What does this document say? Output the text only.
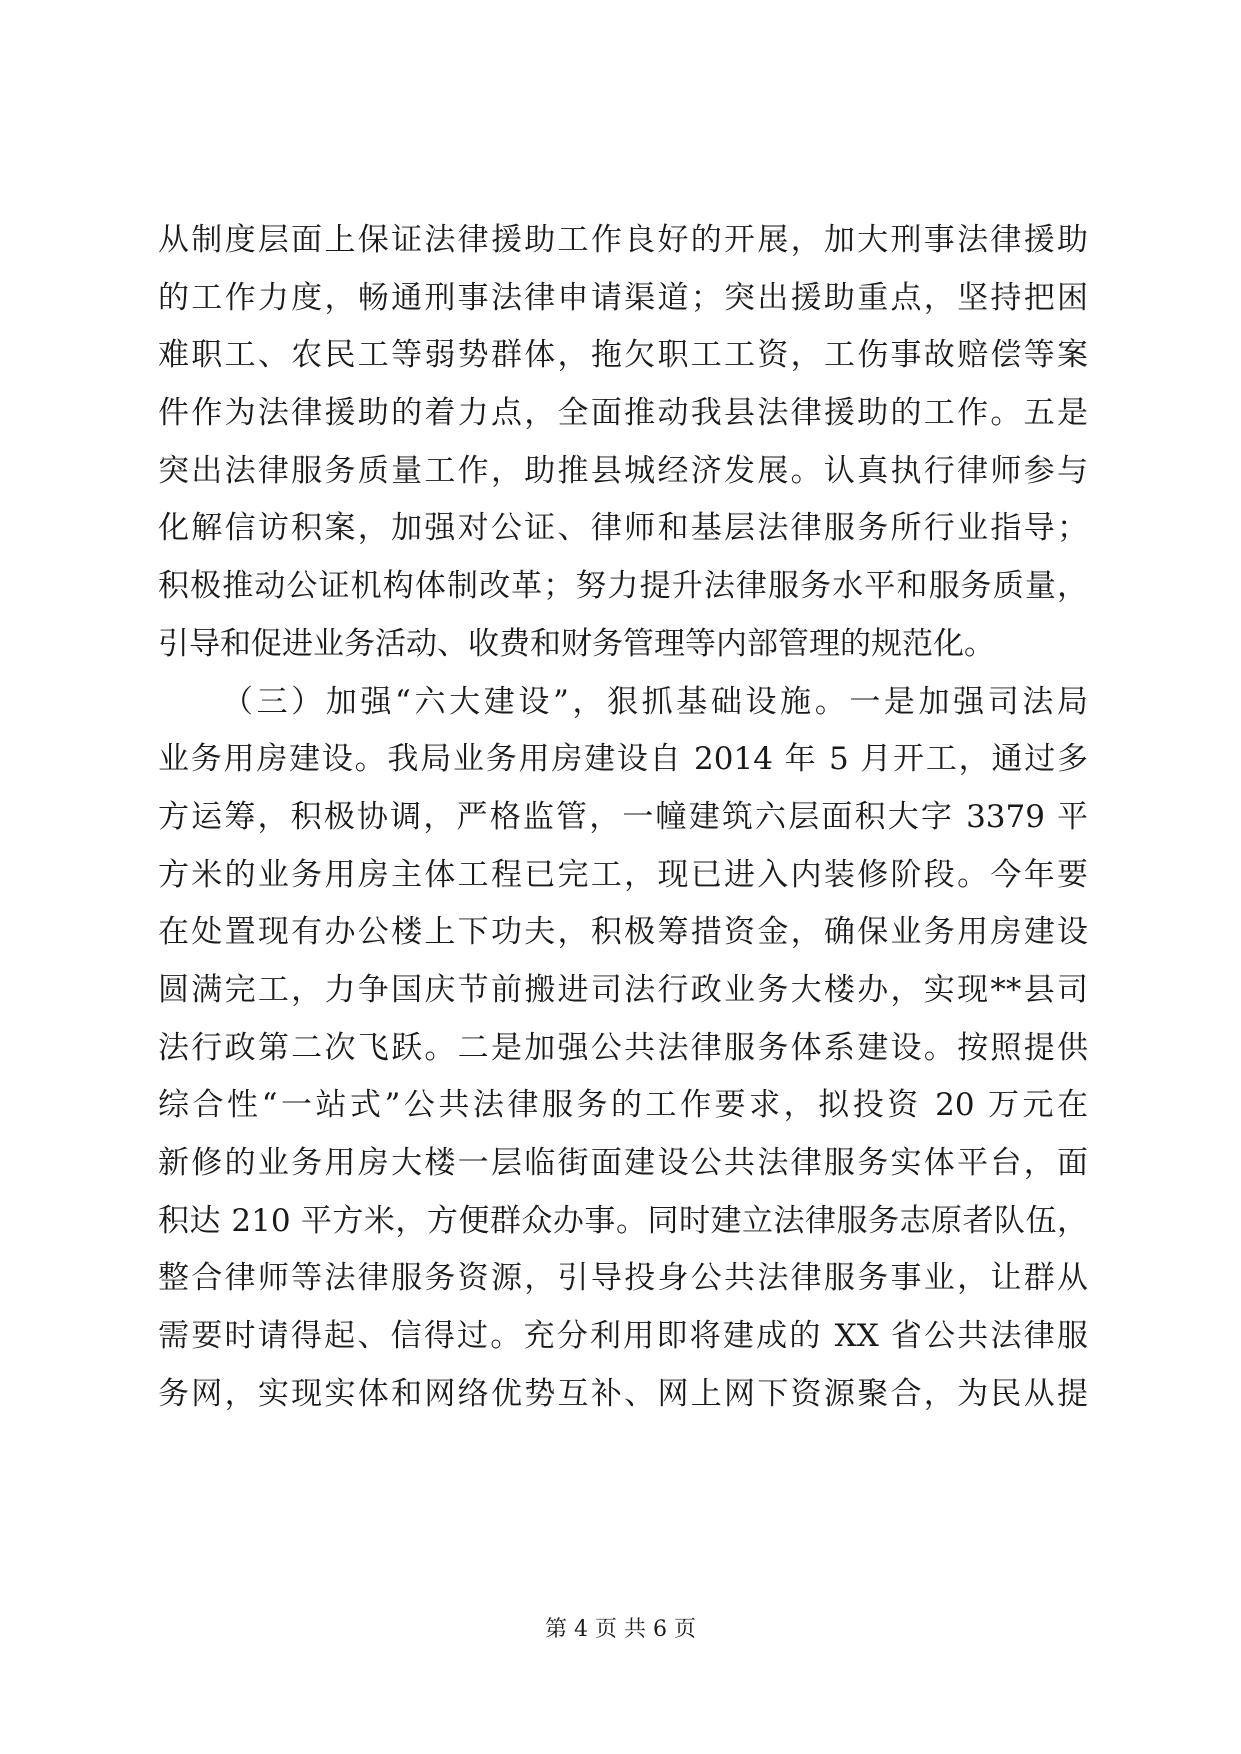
从制度层面上保证法律援助工作良好的开展，加大刑事法律援助
的工作力度，畅通刑事法律申请渠道；突出援助重点，坚持把困
难职工、农民工等弱势群体，拖欠职工工资，工伤事故赔偿等案
件作为法律援助的着力点，全面推动我县法律援助的工作。五是
突出法律服务质量工作，助推县城经济发展。认真执行律师参与
化解信访积案，加强对公证、律师和基层法律服务所行业指导；
积极推动公证机构体制改革；努力提升法律服务水平和服务质量，
引导和促进业务活动、收费和财务管理等内部管理的规范化。
（三）加强“六大建设”，狠抓基础设施。一是加强司法局
业务用房建设。我局业务用房建设自 2014 年 5 月开工，通过多
方运筹，积极协调，严格监管，一幢建筑六层面积大字 3379 平
方米的业务用房主体工程已完工，现已进入内装修阶段。今年要
在处置现有办公楼上下功夫，积极筹措资金，确保业务用房建设
圆满完工，力争国庆节前搬进司法行政业务大楼办，实现**县司
法行政第二次飞跃。二是加强公共法律服务体系建设。按照提供
综合性“一站式”公共法律服务的工作要求，拟投资 20 万元在
新修的业务用房大楼一层临街面建设公共法律服务实体平台，面
积达 210 平方米，方便群众办事。同时建立法律服务志原者队伍，
整合律师等法律服务资源，引导投身公共法律服务事业，让群从
需要时请得起、信得过。充分利用即将建成的 XX 省公共法律服
务网，实现实体和网络优势互补、网上网下资源聚合，为民从提
第 4 页 共 6 页
